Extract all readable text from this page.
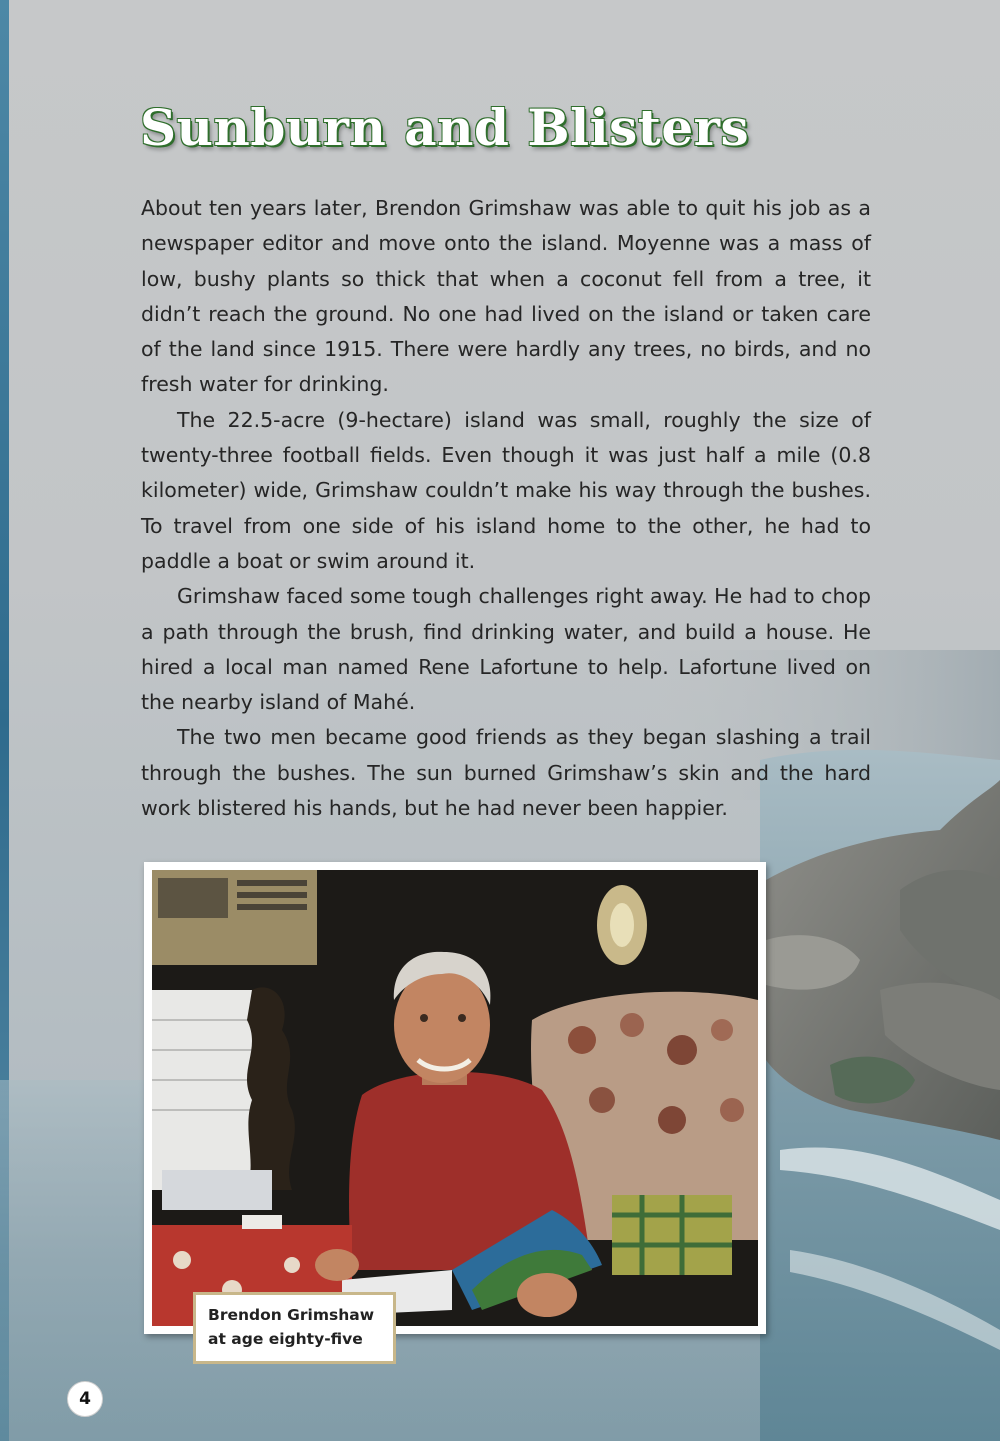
Sunburn and Blisters

About ten years later, Brendon Grimshaw was able to quit his job as a newspaper editor and move onto the island. Moyenne was a mass of low, bushy plants so thick that when a coconut fell from a tree, it didn’t reach the ground. No one had lived on the island or taken care of the land since 1915. There were hardly any trees, no birds, and no fresh water for drinking.

The 22.5-acre (9-hectare) island was small, roughly the size of twenty-three football fields. Even though it was just half a mile (0.8 kilometer) wide, Grimshaw couldn’t make his way through the bushes. To travel from one side of his island home to the other, he had to paddle a boat or swim around it.

Grimshaw faced some tough challenges right away. He had to chop a path through the brush, find drinking water, and build a house. He hired a local man named Rene Lafortune to help. Lafortune lived on the nearby island of Mahé.

The two men became good friends as they began slashing a trail through the bushes. The sun burned Grimshaw’s skin and the hard work blistered his hands, but he had never been happier.

Brendon Grimshaw
at age eighty-five
4
